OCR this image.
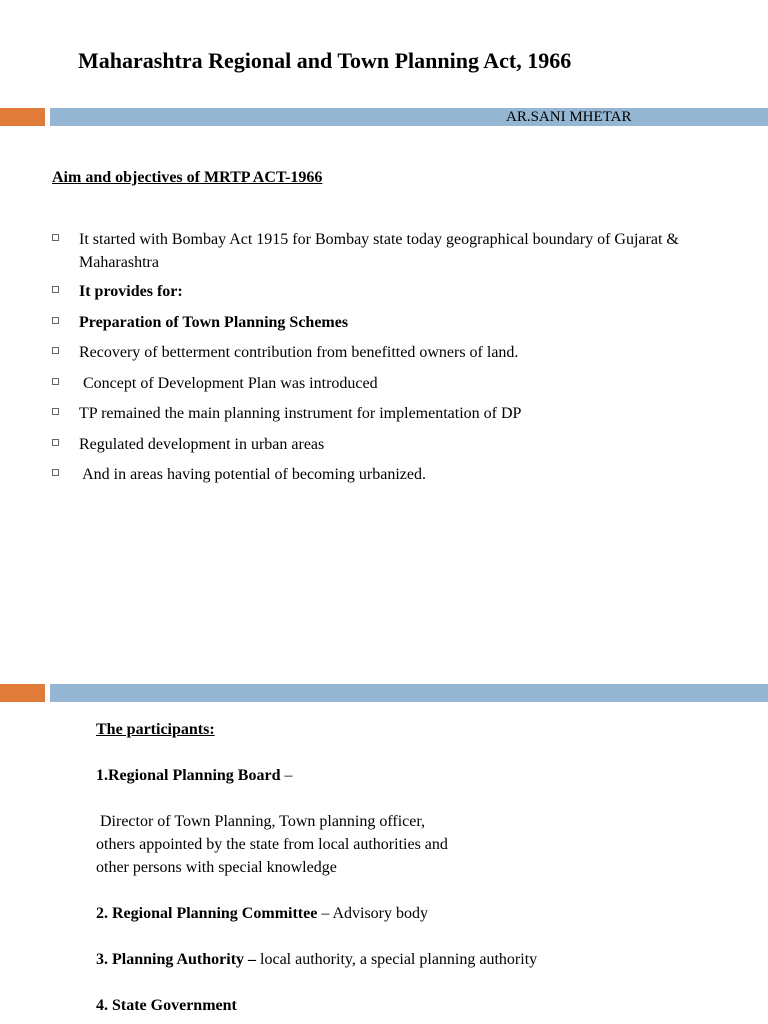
Maharashtra Regional and Town Planning Act, 1966
AR.SANI MHETAR
Aim and objectives of MRTP ACT-1966
It started with Bombay Act 1915 for Bombay state today geographical boundary of Gujarat & Maharashtra
It provides for:
Preparation of Town Planning Schemes
Recovery of betterment contribution from benefitted owners of land.
Concept of Development Plan was introduced
TP remained the main planning instrument for implementation of DP
Regulated development in urban areas
And in areas having potential of becoming urbanized.
The participants:
1.Regional Planning Board –
Director of Town Planning, Town planning officer,
others appointed by the state from local authorities and
other persons with special knowledge
2. Regional Planning Committee – Advisory body
3. Planning Authority – local authority, a special planning authority
4. State Government
